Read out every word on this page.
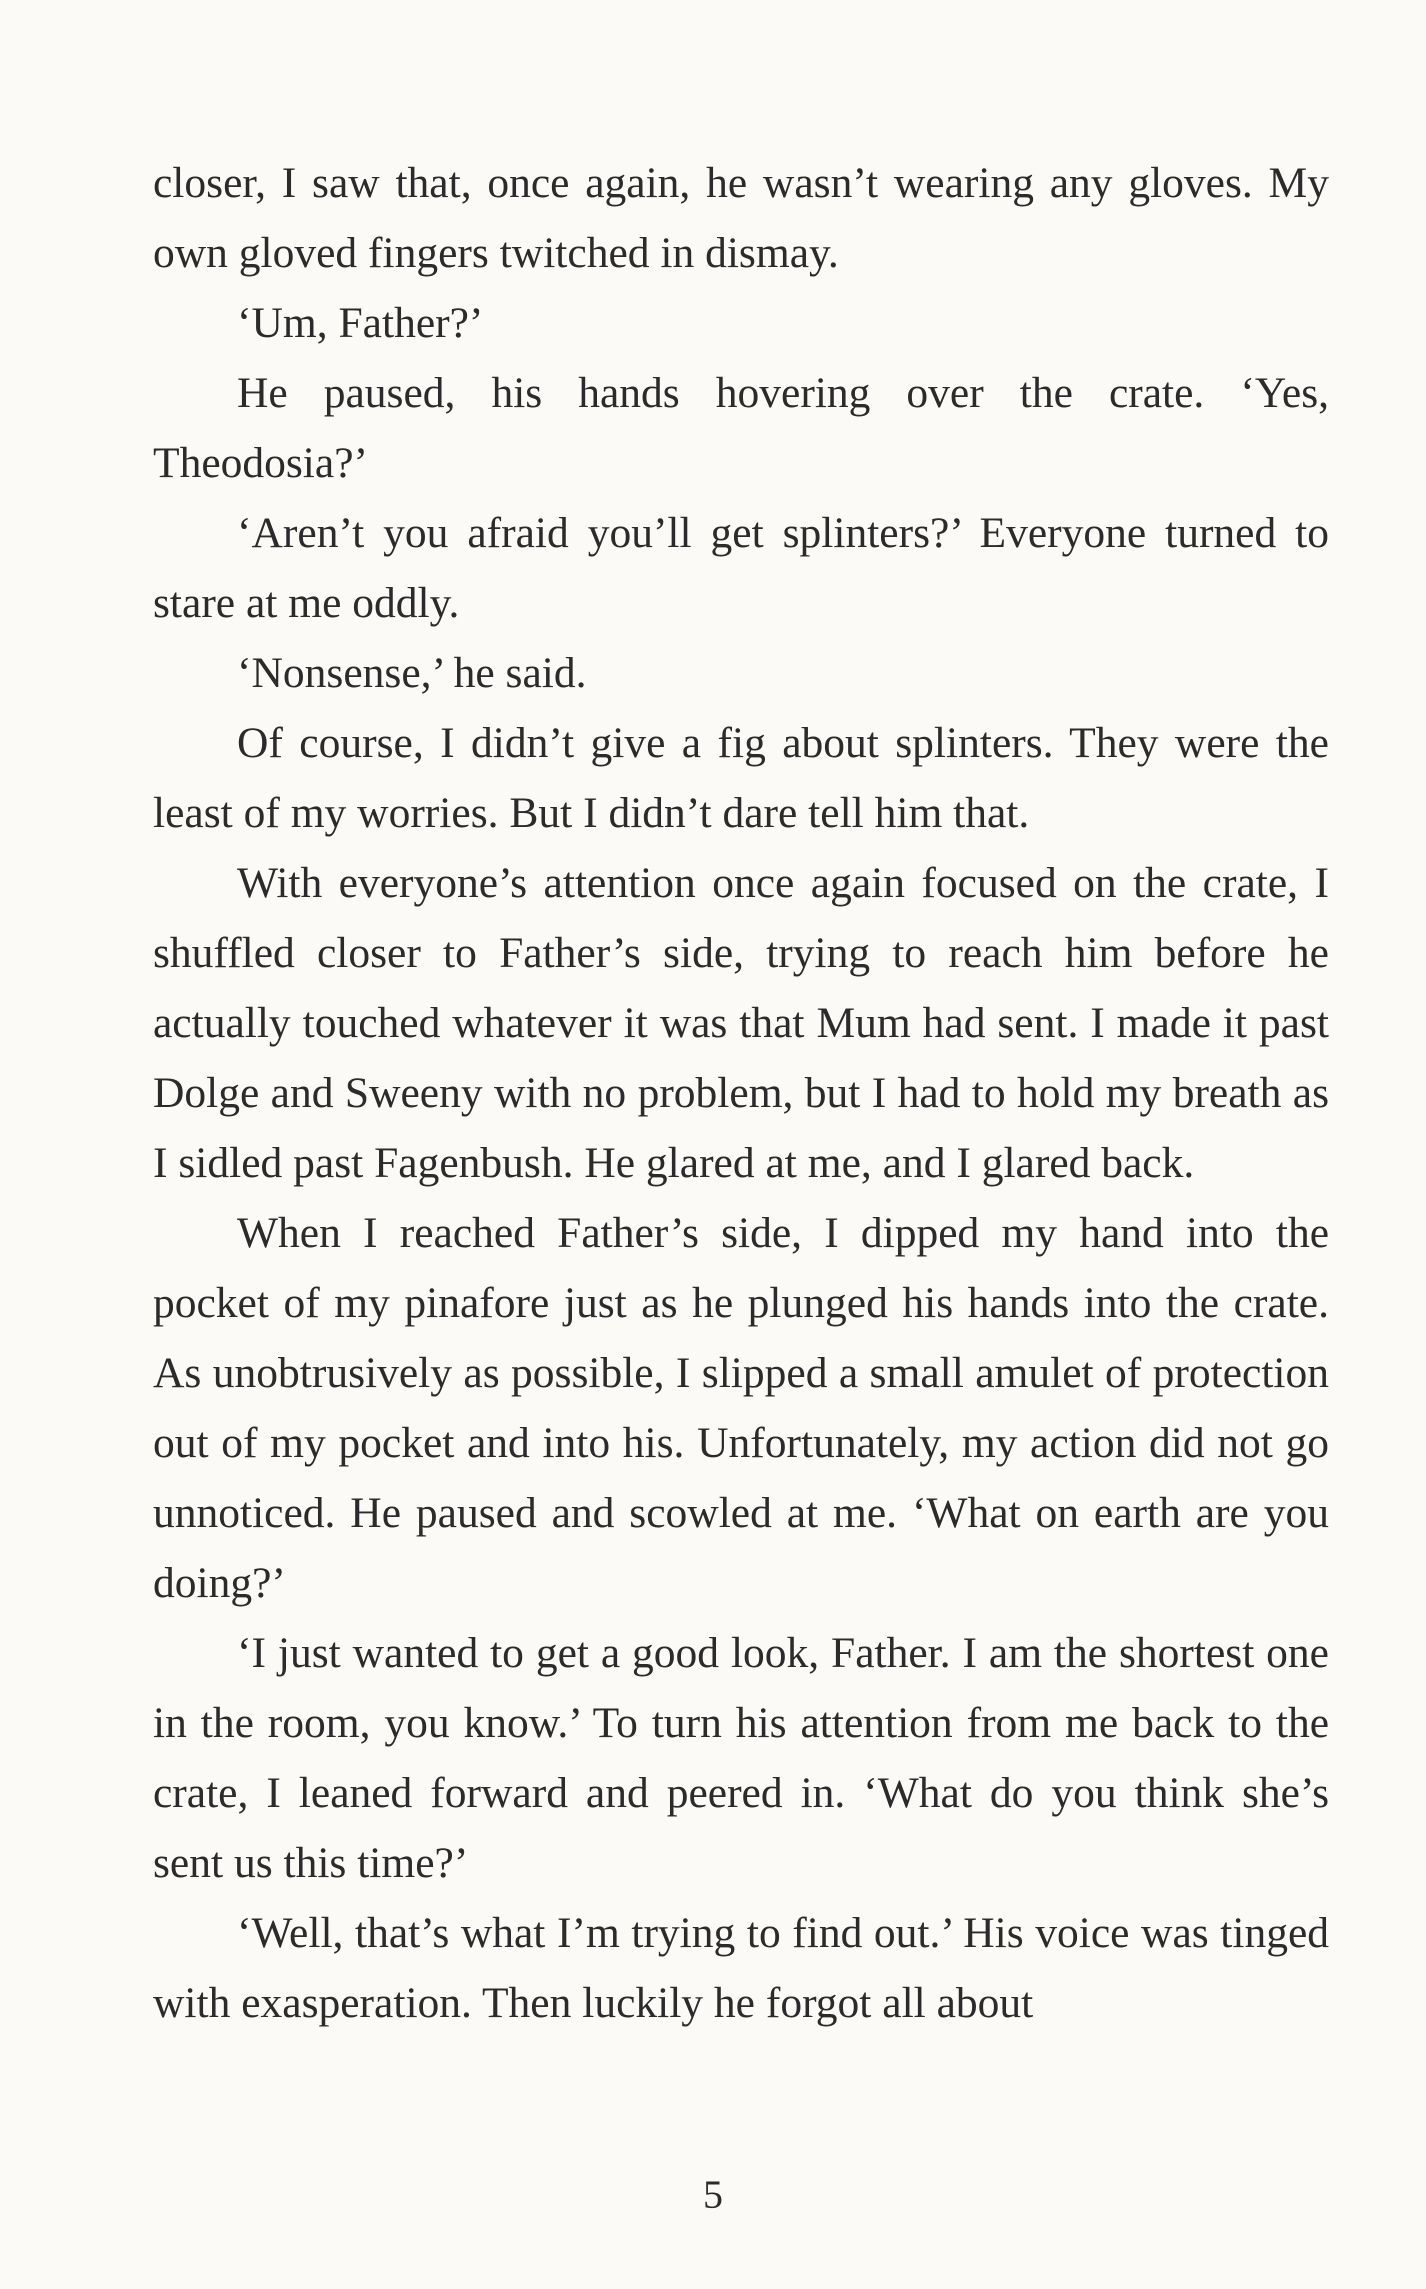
closer, I saw that, once again, he wasn’t wearing any gloves. My own gloved fingers twitched in dismay.

‘Um, Father?’

He paused, his hands hovering over the crate. ‘Yes, Theodosia?’

‘Aren’t you afraid you’ll get splinters?’ Everyone turned to stare at me oddly.

‘Nonsense,’ he said.

Of course, I didn’t give a fig about splinters. They were the least of my worries. But I didn’t dare tell him that.

With everyone’s attention once again focused on the crate, I shuffled closer to Father’s side, trying to reach him before he actually touched whatever it was that Mum had sent. I made it past Dolge and Sweeny with no problem, but I had to hold my breath as I sidled past Fagenbush. He glared at me, and I glared back.

When I reached Father’s side, I dipped my hand into the pocket of my pinafore just as he plunged his hands into the crate. As unobtrusively as possible, I slipped a small amulet of protection out of my pocket and into his. Unfortunately, my action did not go unnoticed. He paused and scowled at me. ‘What on earth are you doing?’

‘I just wanted to get a good look, Father. I am the shortest one in the room, you know.’ To turn his attention from me back to the crate, I leaned forward and peered in. ‘What do you think she’s sent us this time?’

‘Well, that’s what I’m trying to find out.’ His voice was tinged with exasperation. Then luckily he forgot all about

5
